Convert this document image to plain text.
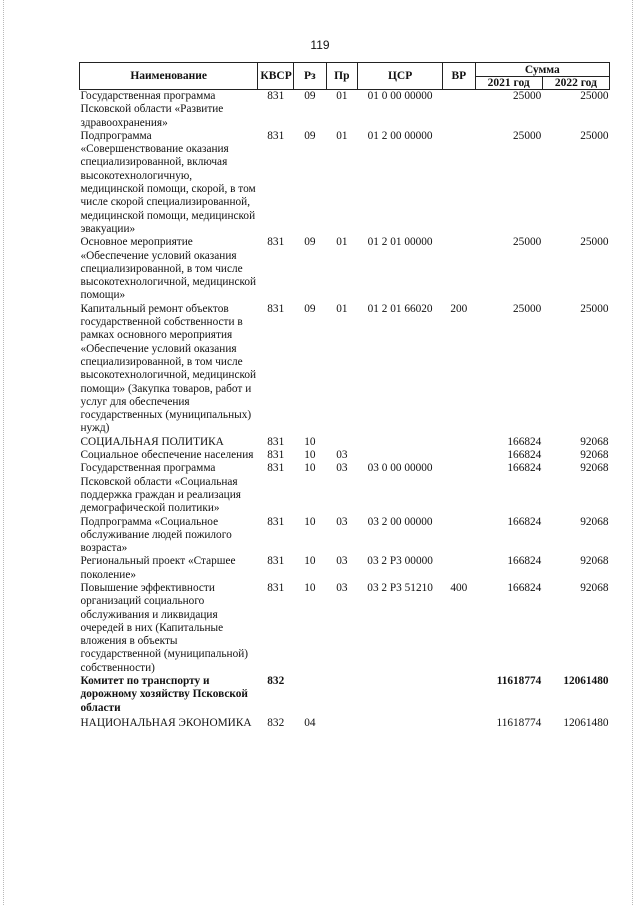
119
Наименование	КВСР	Рз	Пр	ЦСР	ВР	Сумма	
						2021 год	2022 год
Государственная программа Псковской области «Развитие здравоохранения»	831	09	01	01 0 00 00000		25000	25000
Подпрограмма «Совершенствование оказания специализированной, включая высокотехнологичную, медицинской помощи, скорой, в том числе скорой специализированной, медицинской помощи, медицинской эвакуации»	831	09	01	01 2 00 00000		25000	25000
Основное мероприятие «Обеспечение условий оказания специализированной, в том числе высокотехнологичной, медицинской помощи»	831	09	01	01 2 01 00000		25000	25000
Капитальный ремонт объектов государственной собственности в рамках основного мероприятия «Обеспечение условий оказания специализированной, в том числе высокотехнологичной, медицинской помощи» (Закупка товаров, работ и услуг для обеспечения государственных (муниципальных) нужд)	831	09	01	01 2 01 66020	200	25000	25000
СОЦИАЛЬНАЯ ПОЛИТИКА	831	10				166824	92068
Социальное обеспечение населения	831	10	03			166824	92068
Государственная программа Псковской области «Социальная поддержка граждан и реализация демографической политики»	831	10	03	03 0 00 00000		166824	92068
Подпрограмма «Социальное обслуживание людей пожилого возраста»	831	10	03	03 2 00 00000		166824	92068
Региональный проект «Старшее поколение»	831	10	03	03 2 P3 00000		166824	92068
Повышение эффективности организаций социального обслуживания и ликвидация очередей в них (Капитальные вложения в объекты государственной (муниципальной) собственности)	831	10	03	03 2 P3 51210	400	166824	92068
Комитет по транспорту и дорожному хозяйству Псковской области	832					11618774	12061480
НАЦИОНАЛЬНАЯ ЭКОНОМИКА	832	04				11618774	12061480
